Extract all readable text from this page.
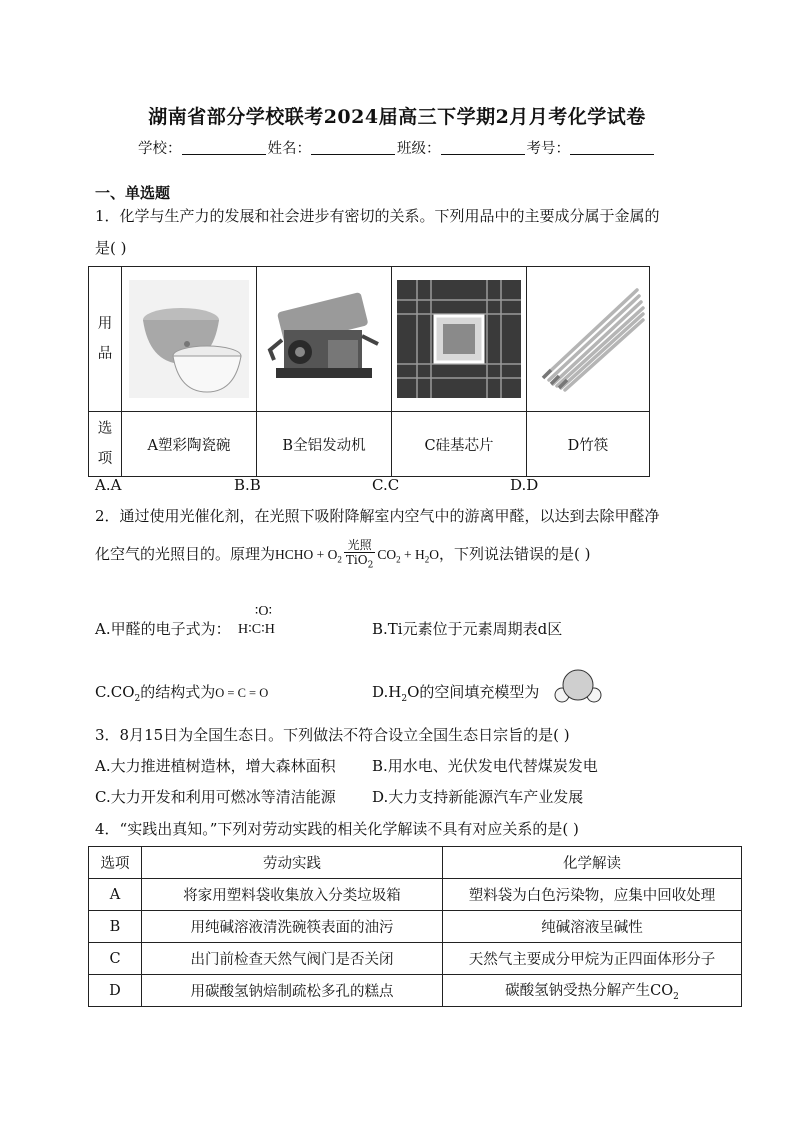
湖南省部分学校联考2024届高三下学期2月月考化学试卷
学校：	姓名：	班级：	考号：
一、单选题
1．化学与生产力的发展和社会进步有密切的关系。下列用品中的主要成分属于金属的
是( )
用品	

选项	A塑彩陶瓷碗	B全铝发动机	C硅基芯片	D竹筷
A.A	B.B	C.C	D.D
2．通过使用光催化剂，在光照下吸附降解室内空气中的游离甲醛，以达到去除甲醛净
化空气的光照目的。原理为HCHO + $O_2 \frac{\text{光照}}{TiO_2} CO_2 + H_2O$，下列说法错误的是( )
A.甲醛的电子式为：
∶O∶
H∶C∶H	B.Ti元素位于元素周期表d区
$C.CO_2$的结构式为O = C = O	$D.H_2O$的空间填充模型为
3．8月15日为全国生态日。下列做法不符合设立全国生态日宗旨的是( )
A.大力推进植树造林，增大森林面积 B.用水电、光伏发电代替煤炭发电
C.大力开发和利用可燃冰等清洁能源 D.大力支持新能源汽车产业发展
4．“实践出真知。”下列对劳动实践的相关化学解读不具有对应关系的是( )
选项	劳动实践	化学解读
A	将家用塑料袋收集放入分类垃圾箱	塑料袋为白色污染物，应集中回收处理
B	用纯碱溶液清洗碗筷表面的油污	纯碱溶液呈碱性
C	出门前检查天然气阀门是否关闭	天然气主要成分甲烷为正四面体形分子
D	用碳酸氢钠焙制疏松多孔的糕点	碳酸氢钠受热分解产生$CO_2$
